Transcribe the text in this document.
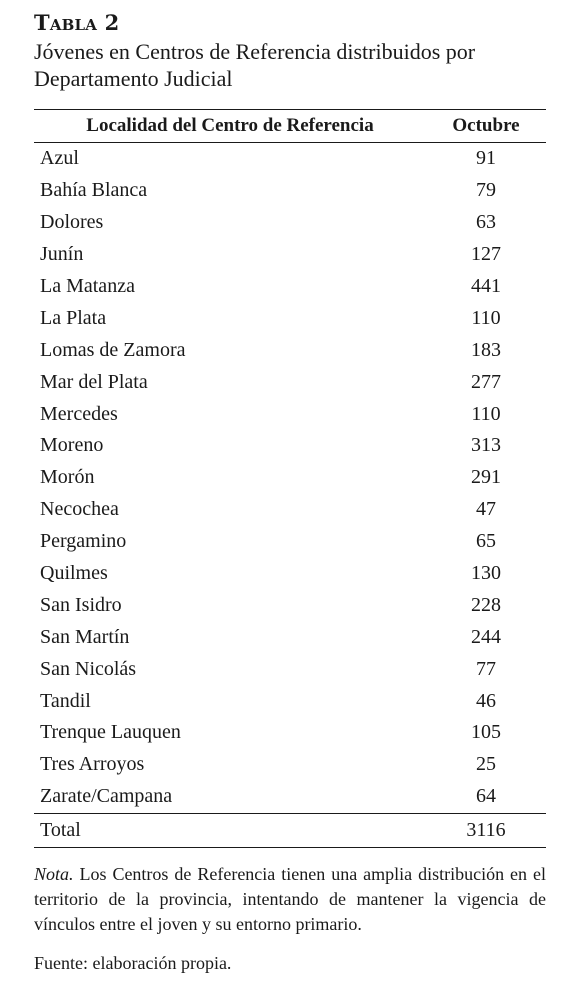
Tabla 2

Jóvenes en Centros de Referencia distribuidos por Departamento Judicial

Localidad del Centro de Referencia	Octubre
Azul	91
Bahía Blanca	79
Dolores	63
Junín	127
La Matanza	441
La Plata	110
Lomas de Zamora	183
Mar del Plata	277
Mercedes	110
Moreno	313
Morón	291
Necochea	47
Pergamino	65
Quilmes	130
San Isidro	228
San Martín	244
San Nicolás	77
Tandil	46
Trenque Lauquen	105
Tres Arroyos	25
Zarate/Campana	64
Total	3116

Nota. Los Centros de Referencia tienen una amplia distribución en el territorio de la provincia, intentando de mantener la vigencia de vínculos entre el joven y su entorno primario.

Fuente: elaboración propia.
